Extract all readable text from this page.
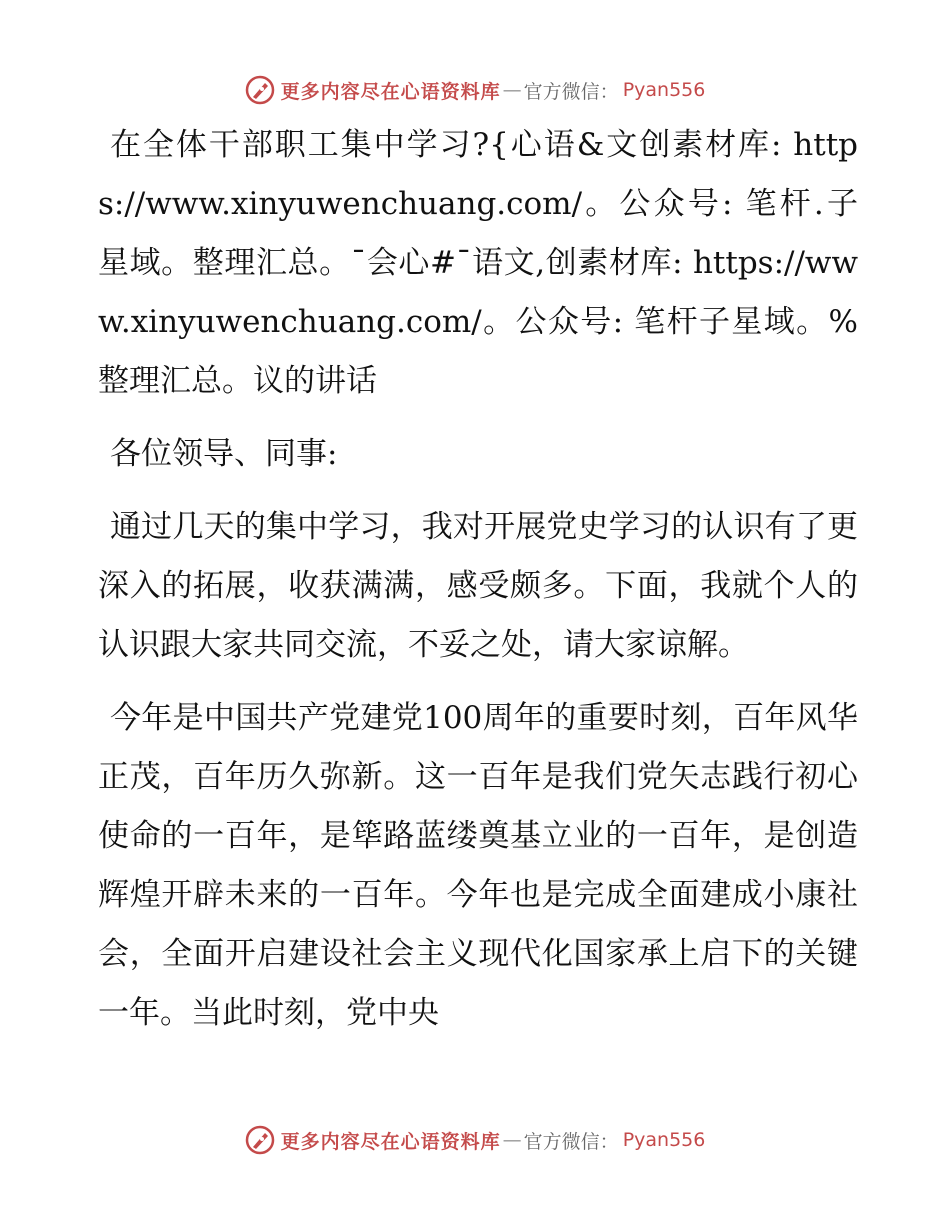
更多内容尽在心语资料库 — 官方微信： Pyan556

在全体干部职工集中学习?{心语&文创素材库: https://www.xinyuwenchuang.com/。公众号: 笔杆.子星域。整理汇总。¯会心#¯语文,创素材库: https://www.xinyuwenchuang.com/。公众号: 笔杆子星域。%整理汇总。议的讲话

各位领导、同事:

通过几天的集中学习，我对开展党史学习的认识有了更深入的拓展，收获满满，感受颇多。下面，我就个人的认识跟大家共同交流，不妥之处，请大家谅解。

今年是中国共产党建党100周年的重要时刻，百年风华正茂，百年历久弥新。这一百年是我们党矢志践行初心使命的一百年，是筚路蓝缕奠基立业的一百年，是创造辉煌开辟未来的一百年。今年也是完成全面建成小康社会，全面开启建设社会主义现代化国家承上启下的关键一年。当此时刻，党中央

更多内容尽在心语资料库 — 官方微信： Pyan556
